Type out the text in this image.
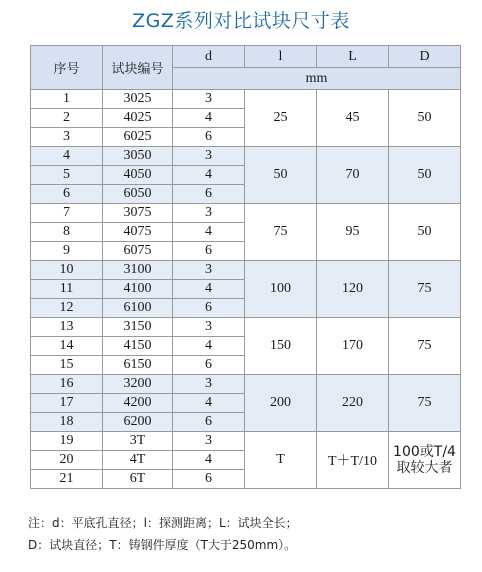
ZGZ系列对比试块尺寸表
序号	试块编号	d	l	L	D
		mm			
1	3025	3	25	45	50
2	4025	4			
3	6025	6			
4	3050	3	50	70	50
5	4050	4			
6	6050	6			
7	3075	3	75	95	50
8	4075	4			
9	6075	6			
10	3100	3	100	120	75
11	4100	4			
12	6100	6			
13	3150	3	150	170	75
14	4150	4			
15	6150	6			
16	3200	3	200	220	75
17	4200	4			
18	6200	6			
19	3T	3	T	T＋T/10	100或T/4
取较大者
20	4T	4			
21	6T	6			
注：d：平底孔直径；l：探测距离；L：试块全长；
D：试块直径；T：铸钢件厚度（T大于250mm）。
